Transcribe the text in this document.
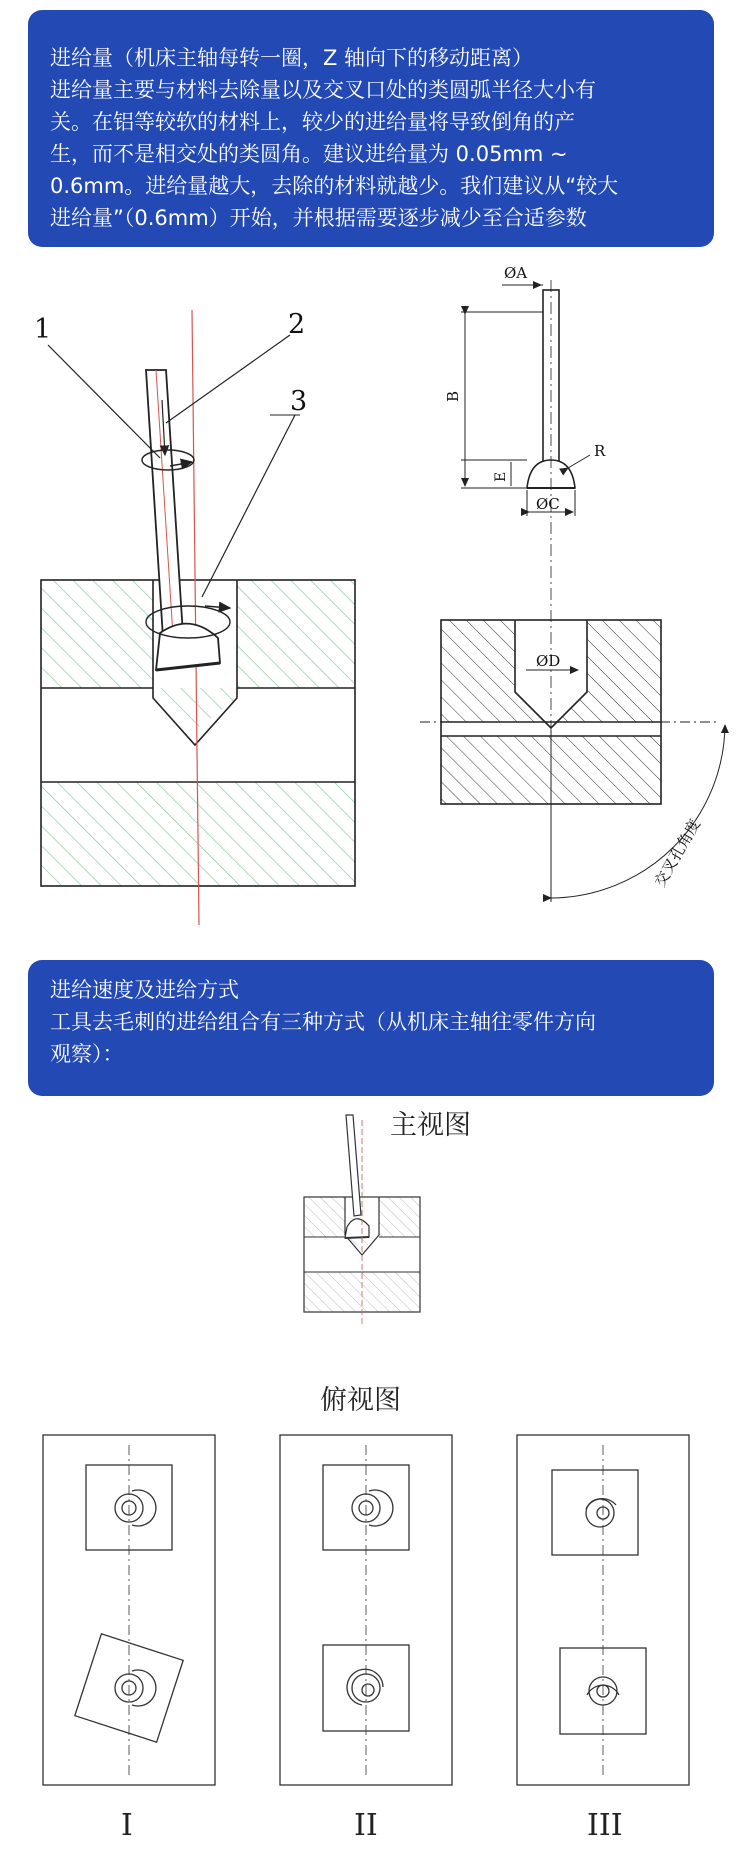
进给量（机床主轴每转一圈，Z 轴向下的移动距离）
进给量主要与材料去除量以及交叉口处的类圆弧半径大小有
关。在铝等较软的材料上，较少的进给量将导致倒角的产
生，而不是相交处的类圆角。建议进给量为 0.05mm ~
0.6mm。进给量越大，去除的材料就越少。我们建议从“较大
进给量”（0.6mm）开始，并根据需要逐步减少至合适参数
1	2
3
ØA
B
R
E
ØC
ØD
交叉孔角度
进给速度及进给方式
工具去毛刺的进给组合有三种方式（从机床主轴往零件方向
观察）：
主视图
俯视图
I	II	III
